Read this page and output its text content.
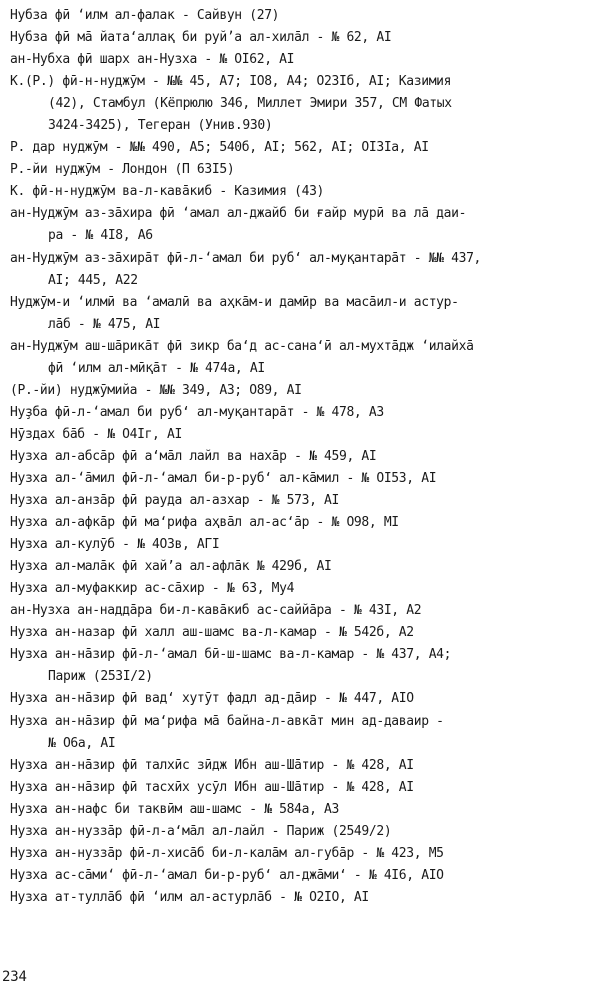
Нубза фӣ ʻилм ал-фалак - Сайвун (27)
Нубза фӣ мā йата‘аллақ би руйʼа ал-хилāл - № 62, AI
ан-Нубха фӣ шарх ан-Нузха - № OI62, AI
К.(Р.) фӣ-н-нуджӯм - №№ 45, A7; IO8, A4; O23Iб, AI; Казимия
(42), Стамбул (Кёпрюлю 346, Миллет Эмири 357, СМ Фатых
3424-3425), Тегеран (Унив.930)
Р. дар нуджӯм - №№ 490, A5; 540б, AI; 562, AI; OI3Ia, AI
Р.-йи нуджӯм - Лондон (П 63I5)
К. фӣ-н-нуджӯм ва-л-кавāкиб - Казимия (43)
ан-Нуджӯм аз-зāхира фӣ ʻамал ал-джайб би ғайр мурӣ ва лā даи-
ра - № 4I8, A6
ан-Нуджӯм аз-зāхирāт фӣ-л-ʻамал би руб‘ ал-муқантарāт - №№ 437,
AI; 445, A22
Нуджӯм-и ʻилмӣ ва ʻамалӣ ва аҳкāм-и дамӣр ва масāил-и астур-
лāб - № 475, AI
ан-Нуджӯм аш-шāрикāт фӣ зикр ба‘д ас-сана‘ӣ ал-мухтāдж ʻилайхā
фӣ ʻилм ал-мӣқāт - № 474a, AI
(Р.-йи) нуджӯмийа - №№ 349, A3; O89, AI
Нуҙба фӣ-л-ʻамал би руб‘ ал-муқантарāт - № 478, A3
Нӯздах бāб - № O4Iг, AI
Нузха ал-абсāр фӣ а‘мāл лайл ва нахāр - № 459, AI
Нузха ал-ʻāмил фӣ-л-ʻамал би-р-руб‘ ал-кāмил - № OI53, AI
Нузха ал-анзāр фӣ рауда ал-азхар - № 573, AI
Нузха ал-афкāр фӣ ма‘рифа аҳвāл ал-ас‘āр - № O98, MI
Нузха ал-кулӯб - № 4O3в, AГI
Нузха ал-малāк фӣ хай’а ал-афлāк № 429б, AI
Нузха ал-муфаккир ас-сāхир - № 63, My4
ан-Нузха ан-наддāра би-л-кавāкиб ас-саййāра - № 43I, A2
Нузха ан-назар фӣ халл аш-шамс ва-л-камар - № 542б, A2
Нузха ан-нāзир фӣ-л-ʻамал бӣ-ш-шамс ва-л-камар - № 437, A4;
Париж (253I/2)
Нузха ан-нāзир фӣ вад‘ хутӯт фадл ад-дāир - № 447, AIO
Нузха ан-нāзир фӣ ма‘рифа мā байна-л-авкāт мин ад-даваир -
№ O6a, AI
Нузха ан-нāзир фӣ талхӣс зӣдж Ибн аш-Шāтир - № 428, AI
Нузха ан-нāзир фӣ тасхӣх усӯл Ибн аш-Шāтир - № 428, AI
Нузха ан-нафс би таквӣм аш-шамс - № 584a, A3
Нузха ан-нуззāр фӣ-л-а‘мāл ал-лайл - Париж (2549/2)
Нузха ан-нуззāр фӣ-л-хисāб би-л-калāм ал-губāр - № 423, M5
Нузха ас-сāмиʻ фӣ-л-ʻамал би-р-руб‘ ал-джāми‘ - № 4I6, AIO
Нузха ат-туллāб фӣ ʻилм ал-астурлāб - № O2IO, AI
234
